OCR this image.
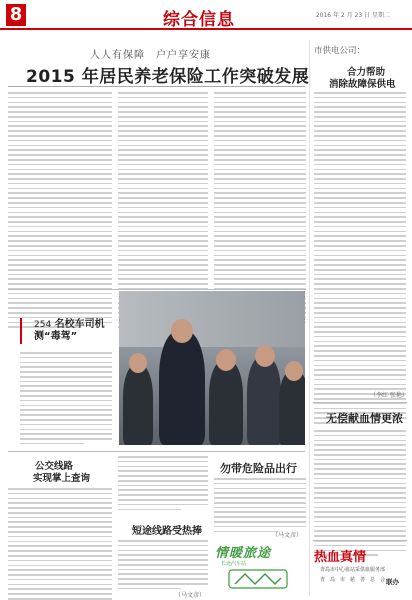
8	综合信息	2016 年 2 月 23 日 星期二
人人有保障　户户享安康
2015 年居民养老保险工作突破发展
254 名校车司机
测“毒驾”
市供电公司：
合力帮助
消除故障保供电
（李红 张艳）
无偿献血情更浓
公交线路
实现掌上查询
短途线路受热捧
（马文彦）
勿带危险品出行
（马文彦）
情暖旅途
长途汽车站	热血真情
青岛市中心血站采供血服务部
青　岛　市　慈　善　总　会 联办
